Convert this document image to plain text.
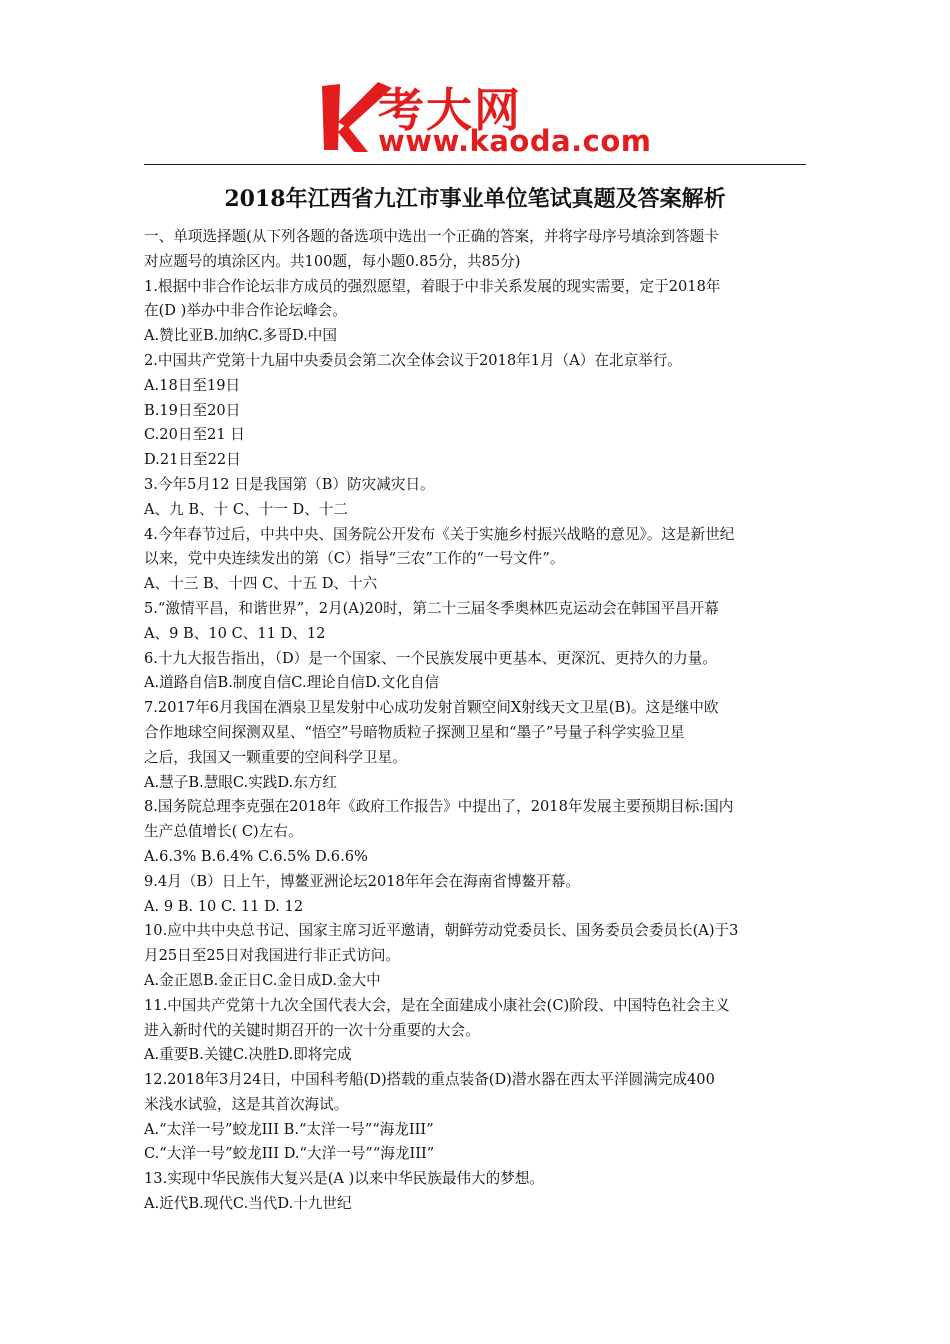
考大网
www.kaoda.com
2018年江西省九江市事业单位笔试真题及答案解析

一、单项选择题(从下列各题的备选项中选出一个正确的答案，并将字母序号填涂到答题卡

对应题号的填涂区内。共100题，每小题0.85分，共85分)

1.根据中非合作论坛非方成员的强烈愿望，着眼于中非关系发展的现实需要，定于2018年

在(D )举办中非合作论坛峰会。

A.赞比亚B.加纳C.多哥D.中国

2.中国共产党第十九届中央委员会第二次全体会议于2018年1月（A）在北京举行。

A.18日至19日

B.19日至20日

C.20日至21 日

D.21日至22日

3.今年5月12 日是我国第（B）防灾减灾日。

A、九 B、十 C、十一 D、十二

4.今年春节过后，中共中央、国务院公开发布《关于实施乡村振兴战略的意见》。这是新世纪

以来，党中央连续发出的第（C）指导“三农”工作的“一号文件”。

A、十三 B、十四 C、十五 D、十六

5.“激情平昌，和谐世界”，2月(A)20时，第二十三届冬季奥林匹克运动会在韩国平昌开幕

A、9 B、10 C、11 D、12

6.十九大报告指出，（D）是一个国家、一个民族发展中更基本、更深沉、更持久的力量。

A.道路自信B.制度自信C.理论自信D.文化自信

7.2017年6月我国在酒泉卫星发射中心成功发射首颗空间X射线天文卫星(B)。这是继中欧

合作地球空间探测双星、“悟空”号暗物质粒子探测卫星和“墨子”号量子科学实验卫星

之后，我国又一颗重要的空间科学卫星。

A.慧子B.慧眼C.实践D.东方红

8.国务院总理李克强在2018年《政府工作报告》中提出了，2018年发展主要预期目标:国内

生产总值增长( C)左右。

A.6.3% B.6.4% C.6.5% D.6.6%

9.4月（B）日上午，博鳌亚洲论坛2018年年会在海南省博鳌开幕。

A. 9 B. 10 C. 11 D. 12

10.应中共中央总书记、国家主席习近平邀请，朝鲜劳动党委员长、国务委员会委员长(A)于3

月25日至25日对我国进行非正式访问。

A.金正恩B.金正日C.金日成D.金大中

11.中国共产党第十九次全国代表大会，是在全面建成小康社会(C)阶段、中国特色社会主义

进入新时代的关键时期召开的一次十分重要的大会。

A.重要B.关键C.决胜D.即将完成

12.2018年3月24日，中国科考船(D)搭载的重点装备(D)潜水器在西太平洋圆满完成400

米浅水试验，这是其首次海试。

A.“太洋一号”蛟龙III B.“太洋一号”“海龙III”

C.“大洋一号”蛟龙III D.“大洋一号”“海龙III”

13.实现中华民族伟大复兴是(A )以来中华民族最伟大的梦想。

A.近代B.现代C.当代D.十九世纪
